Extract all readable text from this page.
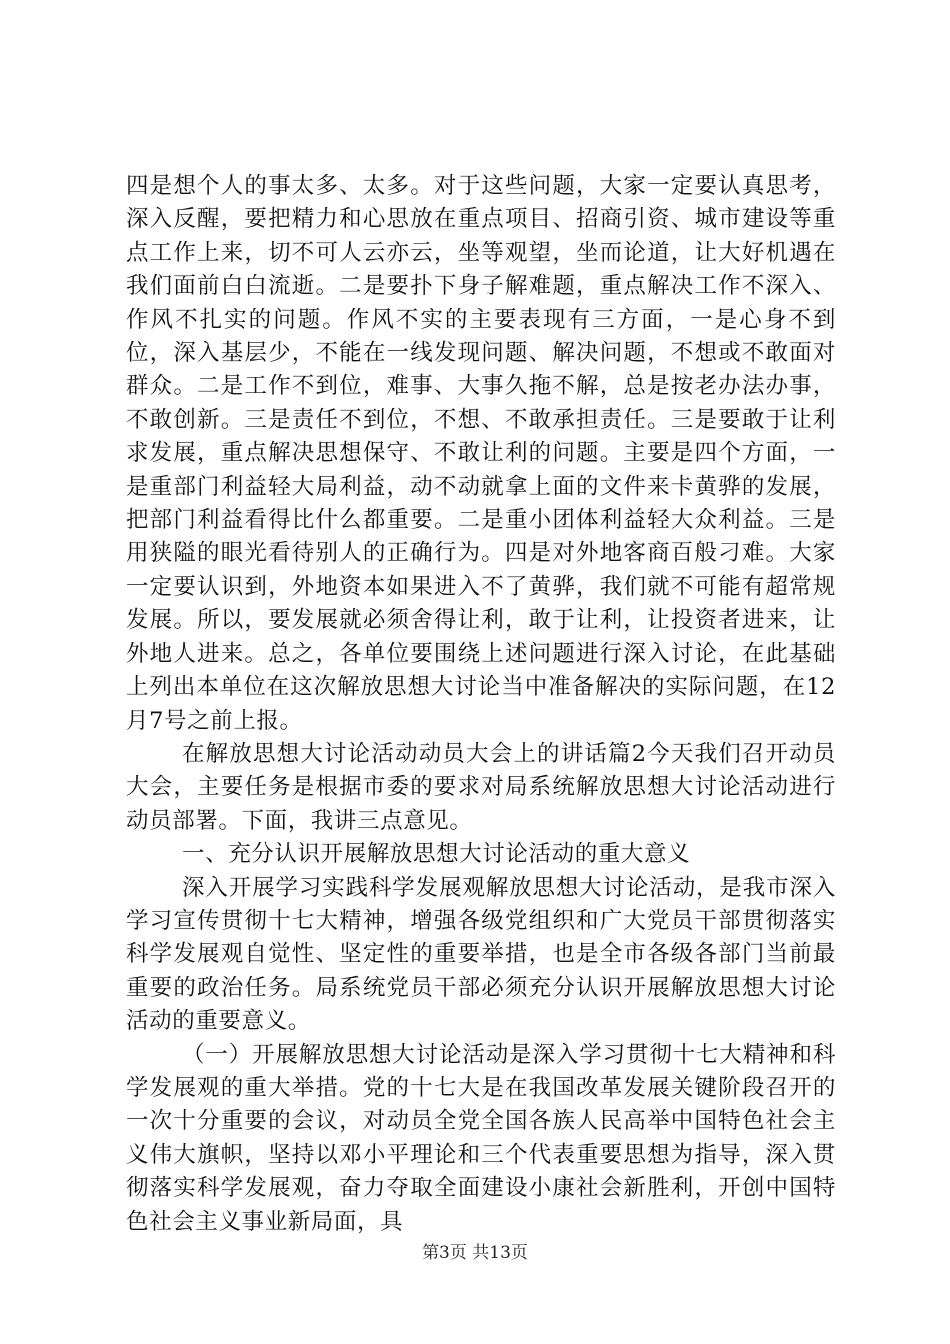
四是想个人的事太多、太多。对于这些问题，大家一定要认真思考，深入反醒，要把精力和心思放在重点项目、招商引资、城市建设等重点工作上来，切不可人云亦云，坐等观望，坐而论道，让大好机遇在我们面前白白流逝。二是要扑下身子解难题，重点解决工作不深入、作风不扎实的问题。作风不实的主要表现有三方面，一是心身不到位，深入基层少，不能在一线发现问题、解决问题，不想或不敢面对群众。二是工作不到位，难事、大事久拖不解，总是按老办法办事，不敢创新。三是责任不到位，不想、不敢承担责任。三是要敢于让利求发展，重点解决思想保守、不敢让利的问题。主要是四个方面，一是重部门利益轻大局利益，动不动就拿上面的文件来卡黄骅的发展，把部门利益看得比什么都重要。二是重小团体利益轻大众利益。三是用狭隘的眼光看待别人的正确行为。四是对外地客商百般刁难。大家一定要认识到，外地资本如果进入不了黄骅，我们就不可能有超常规发展。所以，要发展就必须舍得让利，敢于让利，让投资者进来，让外地人进来。总之，各单位要围绕上述问题进行深入讨论，在此基础上列出本单位在这次解放思想大讨论当中准备解决的实际问题，在12月7号之前上报。

在解放思想大讨论活动动员大会上的讲话篇2今天我们召开动员大会，主要任务是根据市委的要求对局系统解放思想大讨论活动进行动员部署。下面，我讲三点意见。

一、充分认识开展解放思想大讨论活动的重大意义

深入开展学习实践科学发展观解放思想大讨论活动，是我市深入学习宣传贯彻十七大精神，增强各级党组织和广大党员干部贯彻落实科学发展观自觉性、坚定性的重要举措，也是全市各级各部门当前最重要的政治任务。局系统党员干部必须充分认识开展解放思想大讨论活动的重要意义。

（一）开展解放思想大讨论活动是深入学习贯彻十七大精神和科学发展观的重大举措。党的十七大是在我国改革发展关键阶段召开的一次十分重要的会议，对动员全党全国各族人民高举中国特色社会主义伟大旗帜，坚持以邓小平理论和三个代表重要思想为指导，深入贯彻落实科学发展观，奋力夺取全面建设小康社会新胜利，开创中国特色社会主义事业新局面，具

第3页 共13页
